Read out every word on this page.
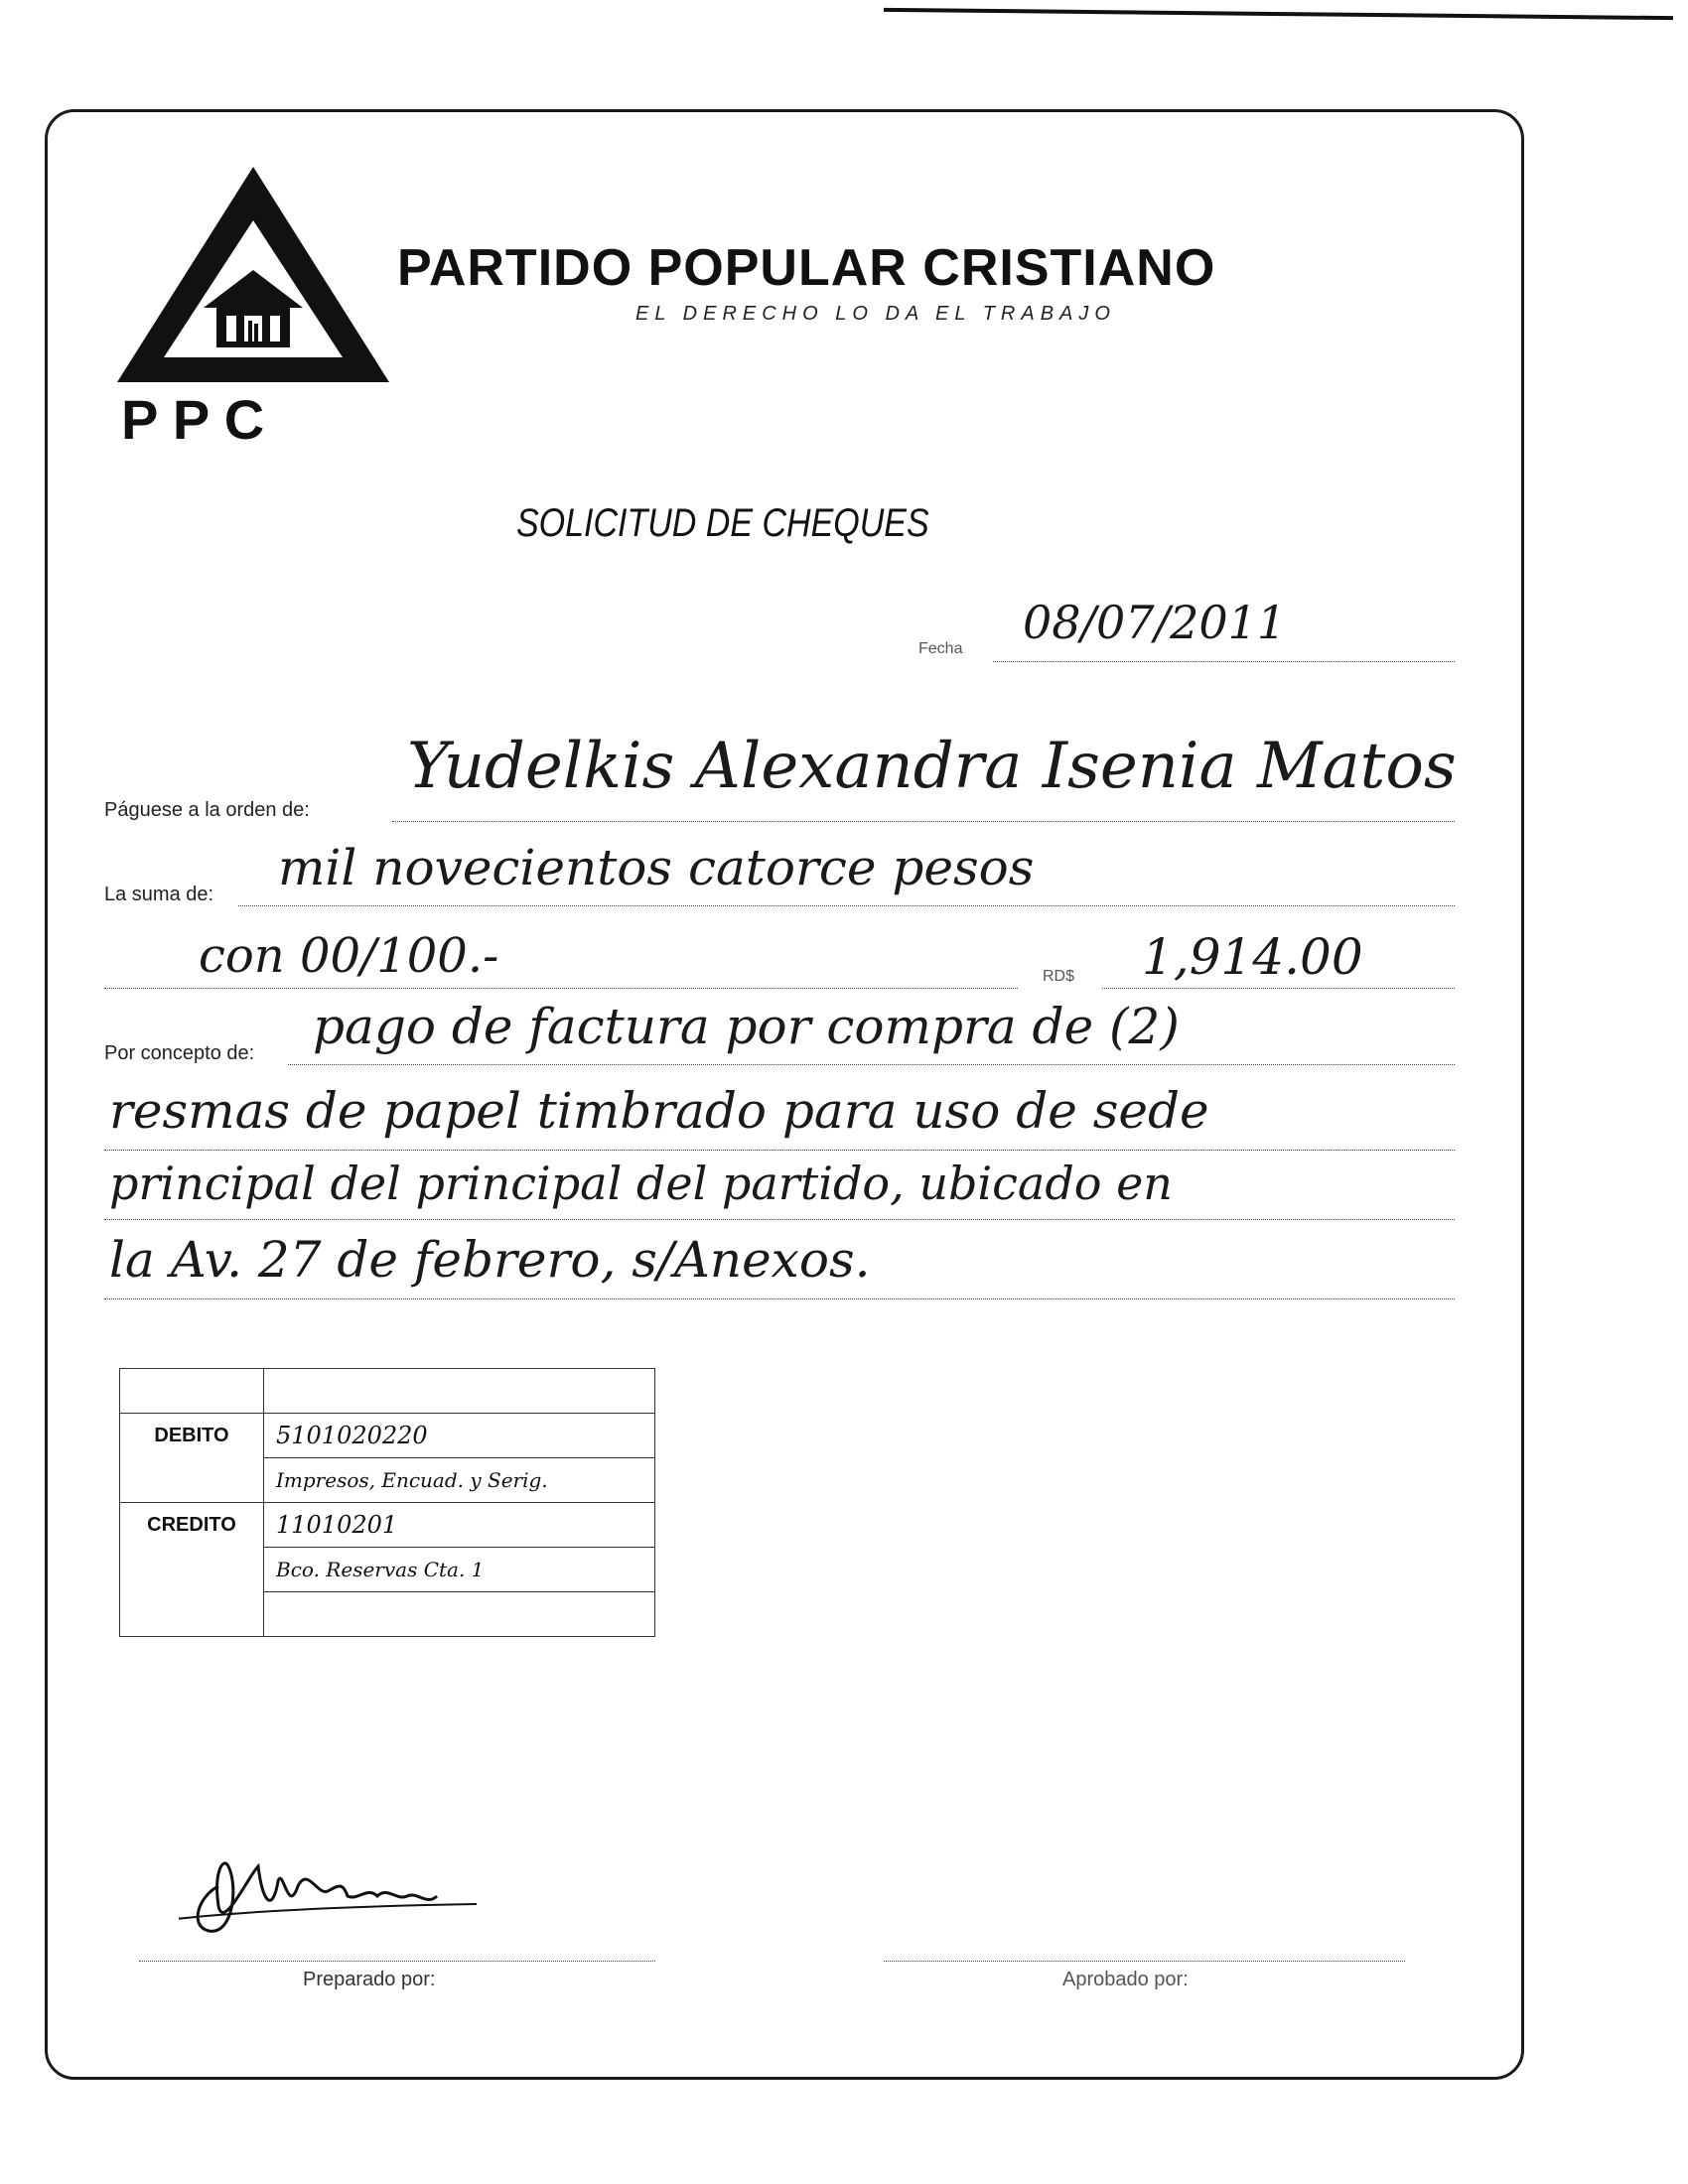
P P C
PARTIDO POPULAR CRISTIANO
EL DERECHO LO DA EL TRABAJO
SOLICITUD DE CHEQUES
Fecha 08/07/2011
Páguese a la orden de:
Yudelkis Alexandra Isenia Matos
La suma de: mil novecientos catorce pesos
con 00/100.-	RD$ 1,914.00
Por concepto de: pago de factura por compra de (2)
resmas de papel timbrado para uso de sede
principal del principal del partido, ubicado en
la Av. 27 de febrero, s/Anexos.

DEBITO	5101020220
	Impresos, Encuad. y Serig.
CREDITO	11010201
	Bco. Reservas Cta. 1

Preparado por:	Aprobado por:
